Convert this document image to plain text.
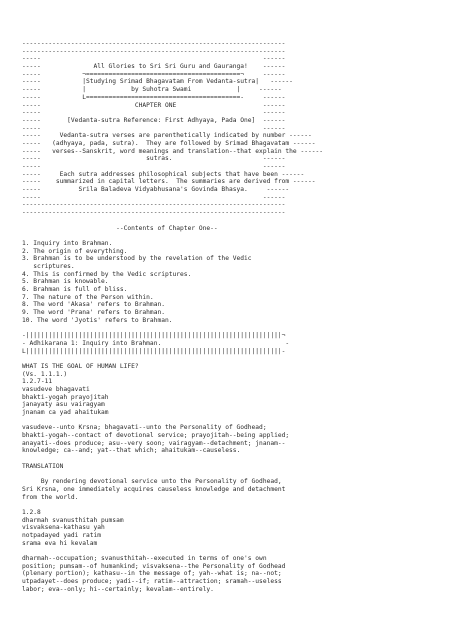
----------------------------------------------------------------------
----------------------------------------------------------------------
-----                                                           ------
-----              All Glories to Sri Sri Guru and Gauranga!    ------
-----           ¬=========================================¬     ------
-----           |Studying Srimad Bhagavatam From Vedanta-sutra|   ------
-----           |            by Suhotra Swami            |     ------
-----           L=========================================-     ------
-----                         CHAPTER ONE                       ------
-----                                                           ------
-----       [Vedanta-sutra Reference: First Adhyaya, Pada One]  ------
-----                                                           ------
-----     Vedanta-sutra verses are parenthetically indicated by number ------
-----   (adhyaya, pada, sutra).  They are followed by Srimad Bhagavatam ------
-----   verses--Sanskrit, word meanings and translation--that explain the ------
-----                            sutras.                        ------
-----                                                           ------
-----     Each sutra addresses philosophical subjects that have been ------
-----    summarized in capital letters.  The summaries are derived from ------
-----          Srila Baladeva Vidyabhusana's Govinda Bhasya.     ------
-----                                                           ------
----------------------------------------------------------------------
----------------------------------------------------------------------
--Contents of Chapter One--
1. Inquiry into Brahman.
2. The origin of everything.
3. Brahman is to be understood by the revelation of the Vedic
scriptures.
4. This is confirmed by the Vedic scriptures.
5. Brahman is knowable.
6. Brahman is full of bliss.
7. The nature of the Person within.
8. The word 'Akasa' refers to Brahman.
9. The word 'Prana' refers to Brahman.
10. The word 'Jyotis' refers to Brahman.
-||||||||||||||||||||||||||||||||||||||||||||||||||||||||||||||||||||¬
- Adhikarana 1: Inquiry into Brahman.                                 -
L||||||||||||||||||||||||||||||||||||||||||||||||||||||||||||||||||||-
WHAT IS THE GOAL OF HUMAN LIFE?
(Vs. 1.1.1.)
1.2.7-11
vasudeve bhagavati
bhakti-yogah prayojitah
janayaty asu vairagyam
jnanam ca yad ahaitukam
vasudeve--unto Krsna; bhagavati--unto the Personality of Godhead;
bhakti-yogah--contact of devotional service; prayojitah--being applied;
anayati--does produce; asu--very soon; vairagyam--detachment; jnanam--
knowledge; ca--and; yat--that which; ahaitukam--causeless.
TRANSLATION
By rendering devotional service unto the Personality of Godhead,
Sri Krsna, one immediately acquires causeless knowledge and detachment
from the world.
1.2.8
dharmah svanusthitah pumsam
visvaksena-kathasu yah
notpadayed yadi ratim
srama eva hi kevalam
dharmah--occupation; svanusthitah--executed in terms of one's own
position; pumsam--of humankind; visvaksena--the Personality of Godhead
(plenary portion); kathasu--in the message of; yah--what is; na--not;
utpadayet--does produce; yadi--if; ratim--attraction; sramah--useless
labor; eva--only; hi--certainly; kevalam--entirely.
